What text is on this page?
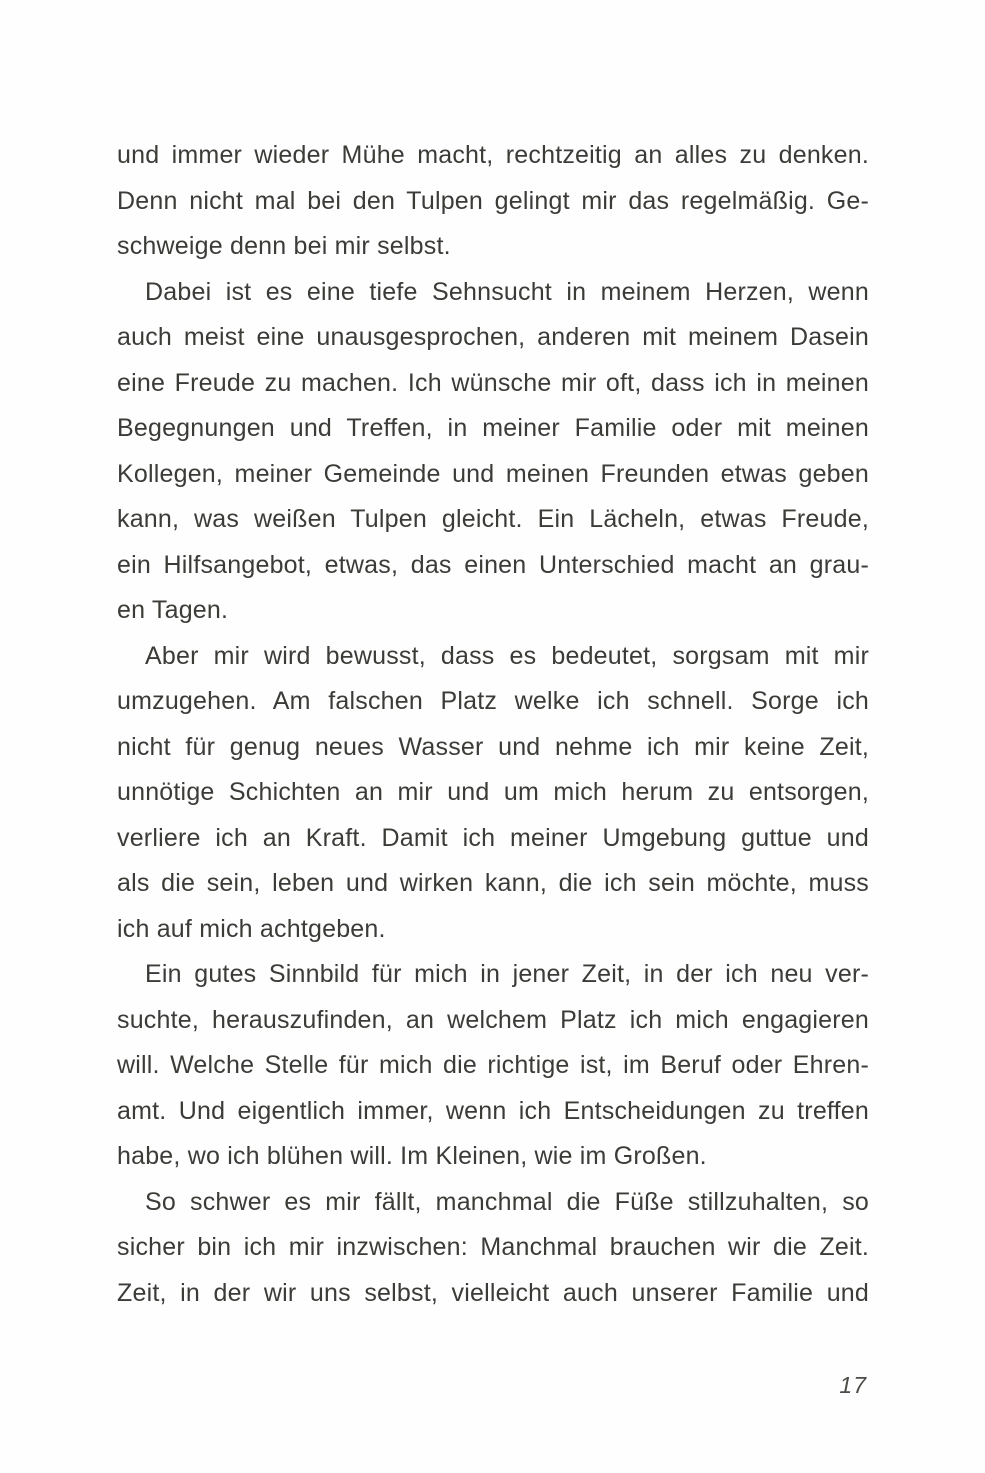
und immer wieder Mühe macht, rechtzeitig an alles zu denken.
Denn nicht mal bei den Tulpen gelingt mir das regelmäßig. Ge-
schweige denn bei mir selbst.
Dabei ist es eine tiefe Sehnsucht in meinem Herzen, wenn
auch meist eine unausgesprochen, anderen mit meinem Dasein
eine Freude zu machen. Ich wünsche mir oft, dass ich in meinen
Begegnungen und Treffen, in meiner Familie oder mit meinen
Kollegen, meiner Gemeinde und meinen Freunden etwas geben
kann, was weißen Tulpen gleicht. Ein Lächeln, etwas Freude,
ein Hilfsangebot, etwas, das einen Unterschied macht an grau-
en Tagen.
Aber mir wird bewusst, dass es bedeutet, sorgsam mit mir
umzugehen. Am falschen Platz welke ich schnell. Sorge ich
nicht für genug neues Wasser und nehme ich mir keine Zeit,
unnötige Schichten an mir und um mich herum zu entsorgen,
verliere ich an Kraft. Damit ich meiner Umgebung guttue und
als die sein, leben und wirken kann, die ich sein möchte, muss
ich auf mich achtgeben.
Ein gutes Sinnbild für mich in jener Zeit, in der ich neu ver-
suchte, herauszufinden, an welchem Platz ich mich engagieren
will. Welche Stelle für mich die richtige ist, im Beruf oder Ehren-
amt. Und eigentlich immer, wenn ich Entscheidungen zu treffen
habe, wo ich blühen will. Im Kleinen, wie im Großen.
So schwer es mir fällt, manchmal die Füße stillzuhalten, so
sicher bin ich mir inzwischen: Manchmal brauchen wir die Zeit.
Zeit, in der wir uns selbst, vielleicht auch unserer Familie und
17
